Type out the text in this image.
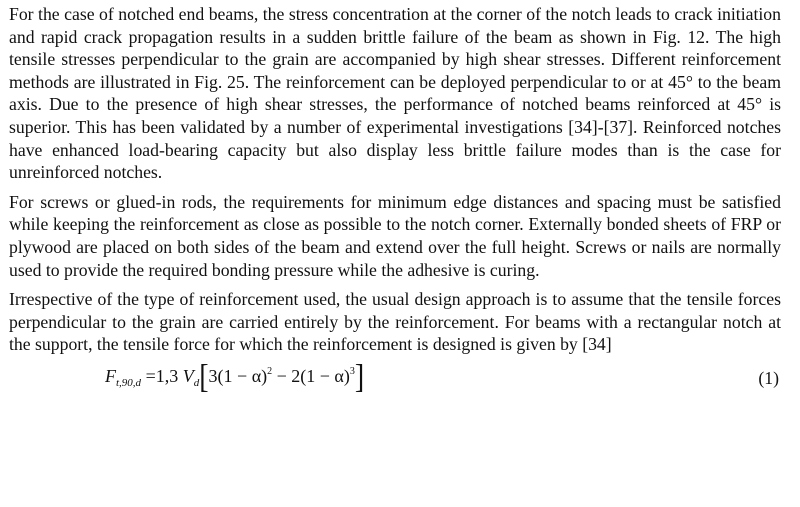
For the case of notched end beams, the stress concentration at the corner of the notch leads to crack initiation and rapid crack propagation results in a sudden brittle failure of the beam as shown in Fig. 12. The high tensile stresses perpendicular to the grain are accompanied by high shear stresses. Different reinforcement methods are illustrated in Fig. 25. The reinforcement can be deployed perpendicular to or at 45° to the beam axis. Due to the presence of high shear stresses, the performance of notched beams reinforced at 45° is superior. This has been validated by a number of experimental investigations [34]-[37]. Reinforced notches have enhanced load-bearing capacity but also display less brittle failure modes than is the case for unreinforced notches.

For screws or glued-in rods, the requirements for minimum edge distances and spacing must be satisfied while keeping the reinforcement as close as possible to the notch corner. Externally bonded sheets of FRP or plywood are placed on both sides of the beam and extend over the full height. Screws or nails are normally used to provide the required bonding pressure while the adhesive is curing.

Irrespective of the type of reinforcement used, the usual design approach is to assume that the tensile forces perpendicular to the grain are carried entirely by the reinforcement. For beams with a rectangular notch at the support, the tensile force for which the reinforcement is designed is given by [34]

$F_{t,90,d} =1,3$ $V_d[3(1 - \alpha)^2 - 2(1 - \alpha)^3]$	(1)
